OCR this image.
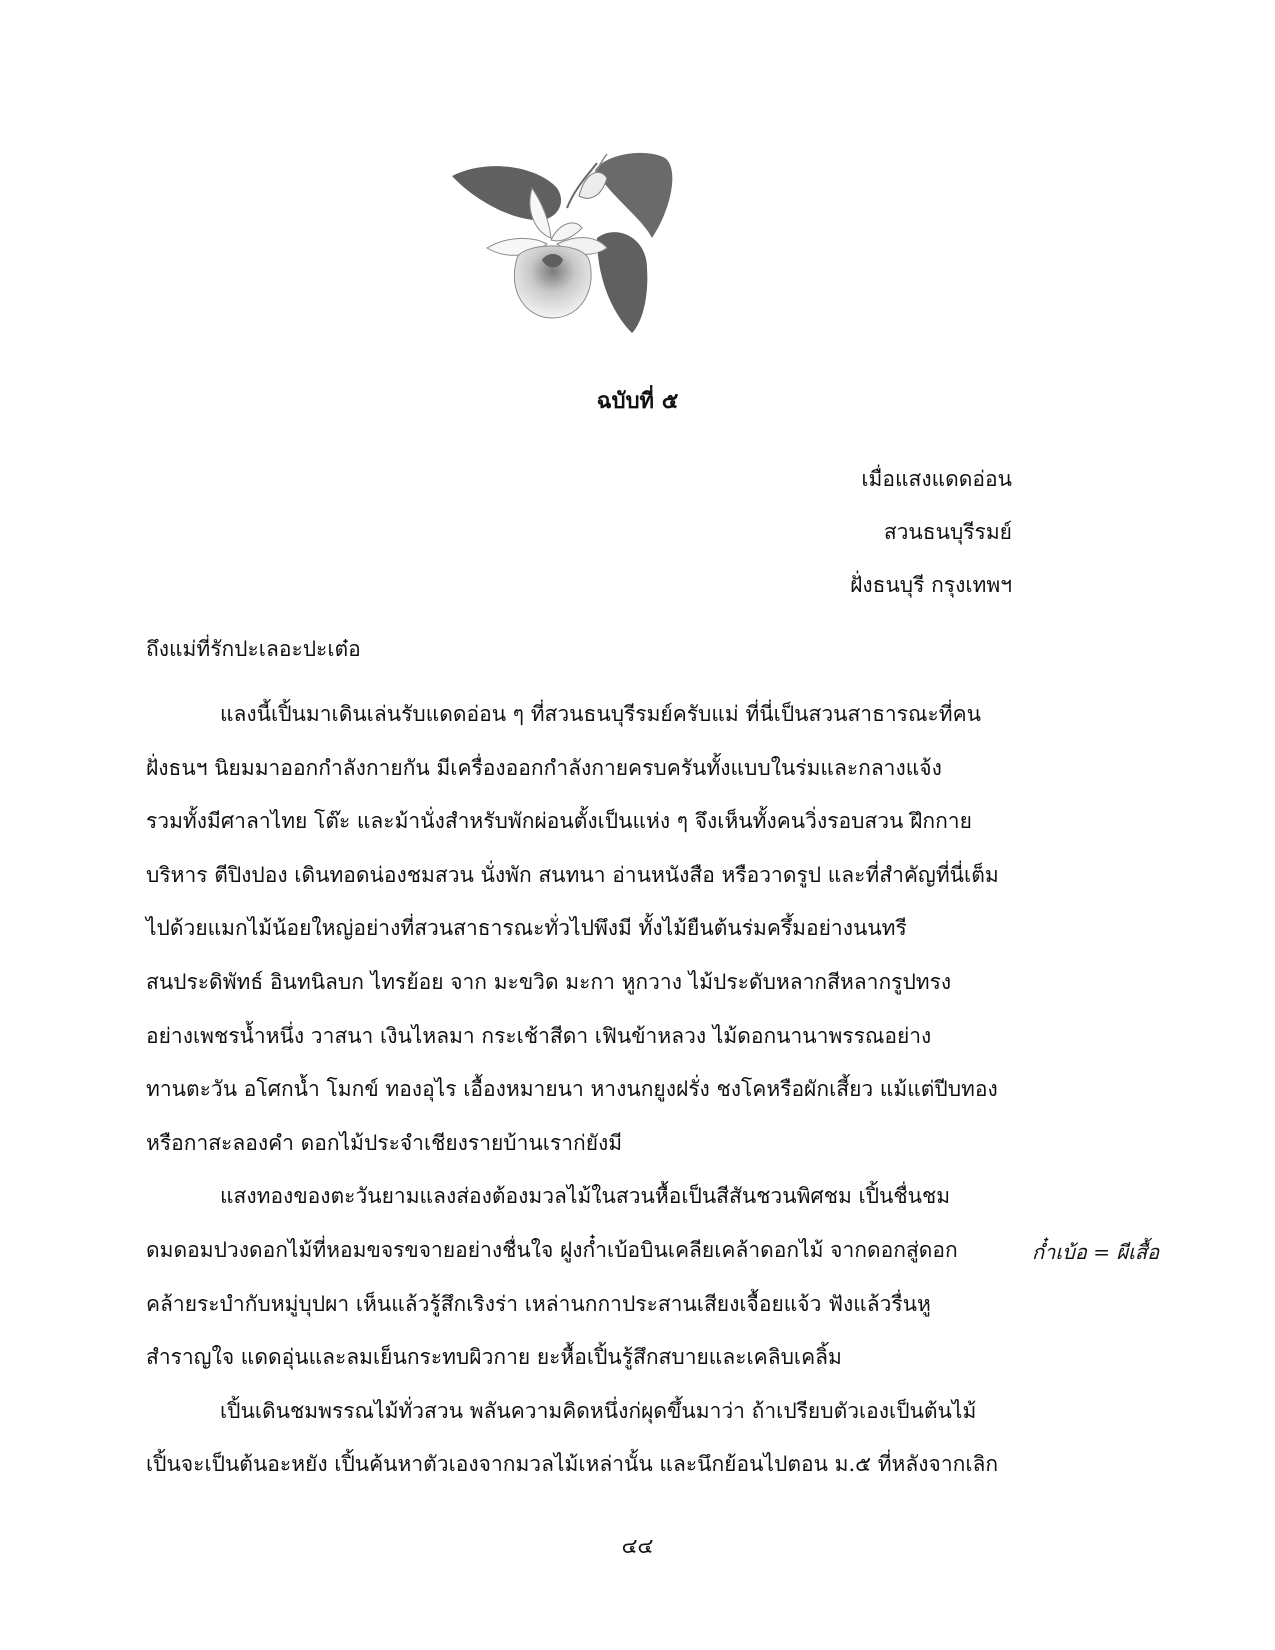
ฉบับที่ ๕
เมื่อแสงแดดอ่อน
สวนธนบุรีรมย์
ฝั่งธนบุรี กรุงเทพฯ
ถึงแม่ที่รักปะเลอะปะเต๋อ
แลงนี้เปิ้นมาเดินเล่นรับแดดอ่อน ๆ ที่สวนธนบุรีรมย์ครับแม่ ที่นี่เป็นสวนสาธารณะที่คน
ฝั่งธนฯ นิยมมาออกกำลังกายกัน มีเครื่องออกกำลังกายครบครันทั้งแบบในร่มและกลางแจ้ง
รวมทั้งมีศาลาไทย โต๊ะ และม้านั่งสำหรับพักผ่อนตั้งเป็นแห่ง ๆ จึงเห็นทั้งคนวิ่งรอบสวน ฝึกกาย
บริหาร ตีปิงปอง เดินทอดน่องชมสวน นั่งพัก สนทนา อ่านหนังสือ หรือวาดรูป และที่สำคัญที่นี่เต็ม
ไปด้วยแมกไม้น้อยใหญ่อย่างที่สวนสาธารณะทั่วไปพึงมี ทั้งไม้ยืนต้นร่มครึ้มอย่างนนทรี
สนประดิพัทธ์ อินทนิลบก ไทรย้อย จาก มะขวิด มะกา หูกวาง ไม้ประดับหลากสีหลากรูปทรง
อย่างเพชรน้ำหนึ่ง วาสนา เงินไหลมา กระเช้าสีดา เฟินข้าหลวง ไม้ดอกนานาพรรณอย่าง
ทานตะวัน อโศกน้ำ โมกข์ ทองอุไร เอื้องหมายนา หางนกยูงฝรั่ง ชงโคหรือผักเสี้ยว แม้แต่ปีบทอง
หรือกาสะลองคำ ดอกไม้ประจำเชียงรายบ้านเราก่ยังมี
แสงทองของตะวันยามแลงส่องต้องมวลไม้ในสวนหื้อเป็นสีสันชวนพิศชม เปิ้นชื่นชม
ดมดอมปวงดอกไม้ที่หอมขจรขจายอย่างชื่นใจ ฝูงก๋ำเบ้อบินเคลียเคล้าดอกไม้ จากดอกสู่ดอก
คล้ายระบำกับหมู่บุปผา เห็นแล้วรู้สึกเริงร่า เหล่านกกาประสานเสียงเจื้อยแจ้ว ฟังแล้วรื่นหู
สำราญใจ แดดอุ่นและลมเย็นกระทบผิวกาย ยะหื้อเปิ้นรู้สึกสบายและเคลิบเคลิ้ม
เปิ้นเดินชมพรรณไม้ทั่วสวน พลันความคิดหนึ่งก่ผุดขึ้นมาว่า ถ้าเปรียบตัวเองเป็นต้นไม้
เปิ้นจะเป็นต้นอะหยัง เปิ้นค้นหาตัวเองจากมวลไม้เหล่านั้น และนึกย้อนไปตอน ม.๕ ที่หลังจากเลิก
ก๋ำเบ้อ = ผีเสื้อ
๔๔
